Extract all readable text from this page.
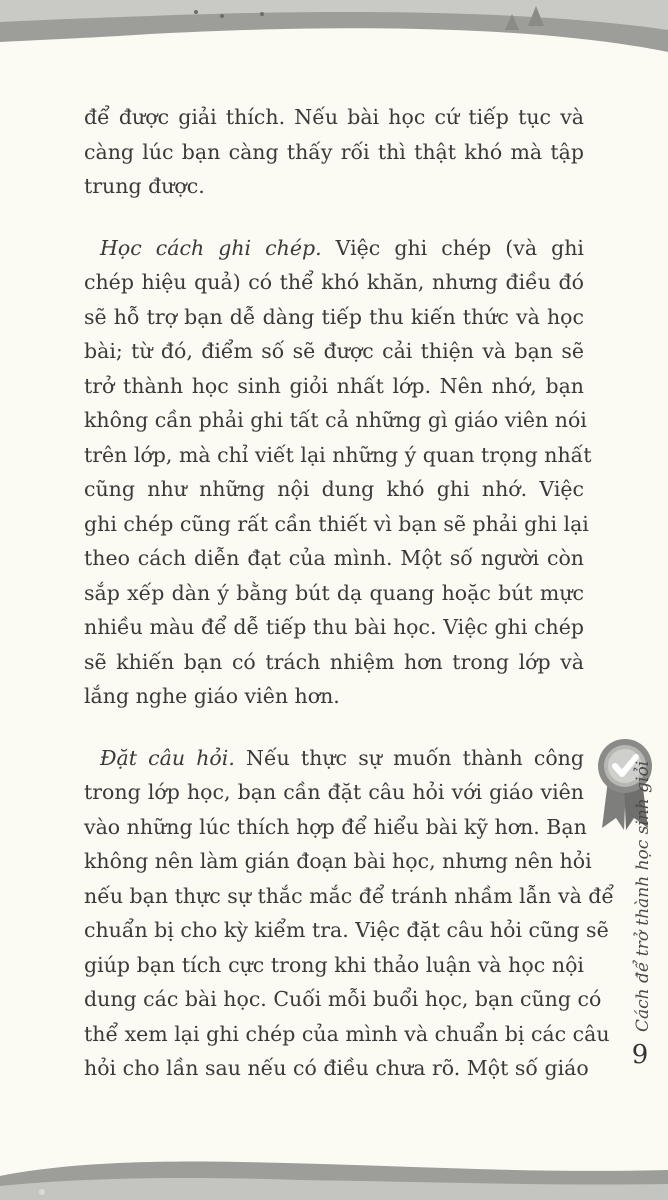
để được giải thích. Nếu bài học cứ tiếp tục và
càng lúc bạn càng thấy rối thì thật khó mà tập
trung được.
Học cách ghi chép. Việc ghi chép (và ghi
chép hiệu quả) có thể khó khăn, nhưng điều đó
sẽ hỗ trợ bạn dễ dàng tiếp thu kiến thức và học
bài; từ đó, điểm số sẽ được cải thiện và bạn sẽ
trở thành học sinh giỏi nhất lớp. Nên nhớ, bạn
không cần phải ghi tất cả những gì giáo viên nói
trên lớp, mà chỉ viết lại những ý quan trọng nhất
cũng như những nội dung khó ghi nhớ. Việc
ghi chép cũng rất cần thiết vì bạn sẽ phải ghi lại
theo cách diễn đạt của mình. Một số người còn
sắp xếp dàn ý bằng bút dạ quang hoặc bút mực
nhiều màu để dễ tiếp thu bài học. Việc ghi chép
sẽ khiến bạn có trách nhiệm hơn trong lớp và
lắng nghe giáo viên hơn.
Đặt câu hỏi. Nếu thực sự muốn thành công
trong lớp học, bạn cần đặt câu hỏi với giáo viên
vào những lúc thích hợp để hiểu bài kỹ hơn. Bạn
không nên làm gián đoạn bài học, nhưng nên hỏi
nếu bạn thực sự thắc mắc để tránh nhầm lẫn và để
chuẩn bị cho kỳ kiểm tra. Việc đặt câu hỏi cũng sẽ
giúp bạn tích cực trong khi thảo luận và học nội
dung các bài học. Cuối mỗi buổi học, bạn cũng có
thể xem lại ghi chép của mình và chuẩn bị các câu
hỏi cho lần sau nếu có điều chưa rõ. Một số giáo
Cách để trở thành học sinh giỏi
9
